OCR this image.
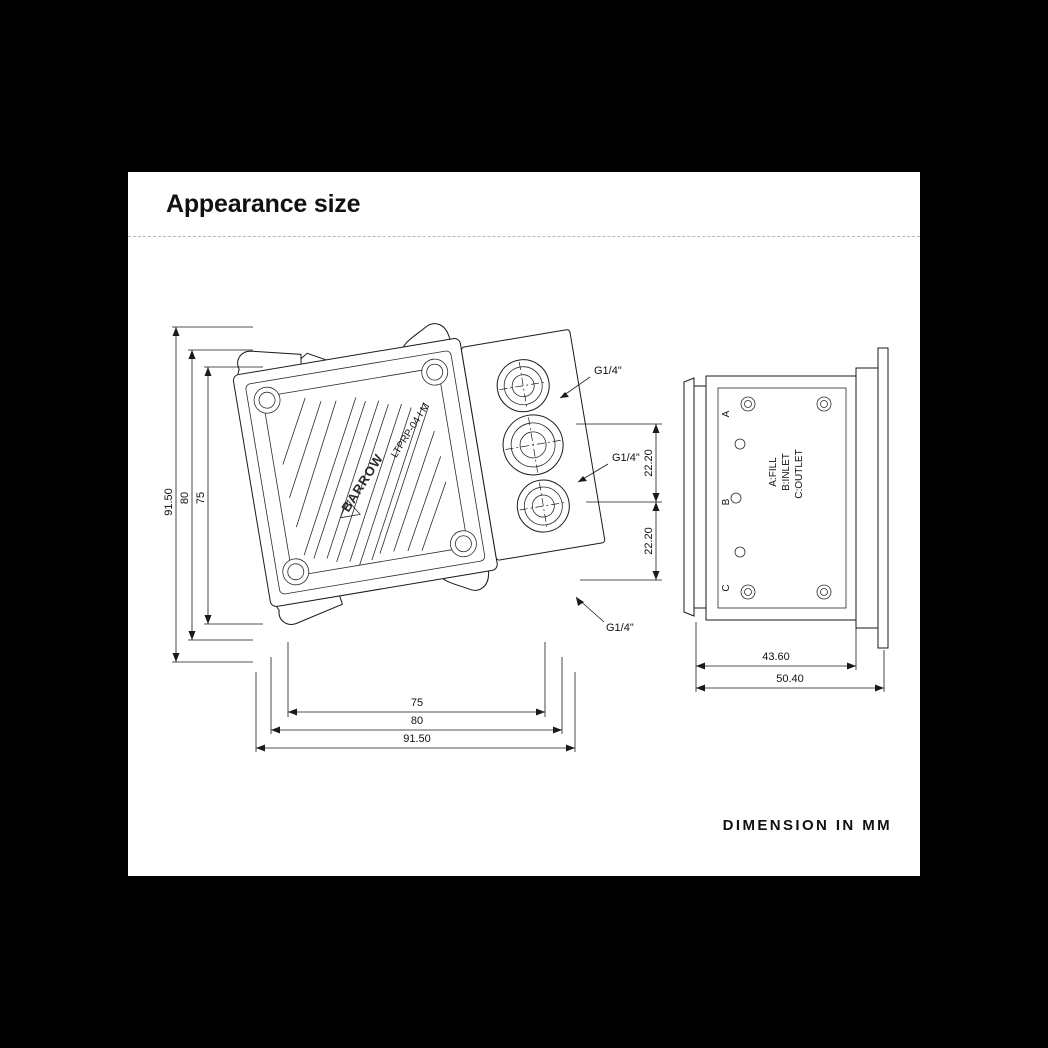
Appearance size
BARROW
LTPRP-04 I M
G1/4"
G1/4"
G1/4"
91.50 80 75
75
80
91.50
22.20
22.20
A
B
C
A:FILL B:INLET C:OUTLET
43.60
50.40
DIMENSION IN MM
